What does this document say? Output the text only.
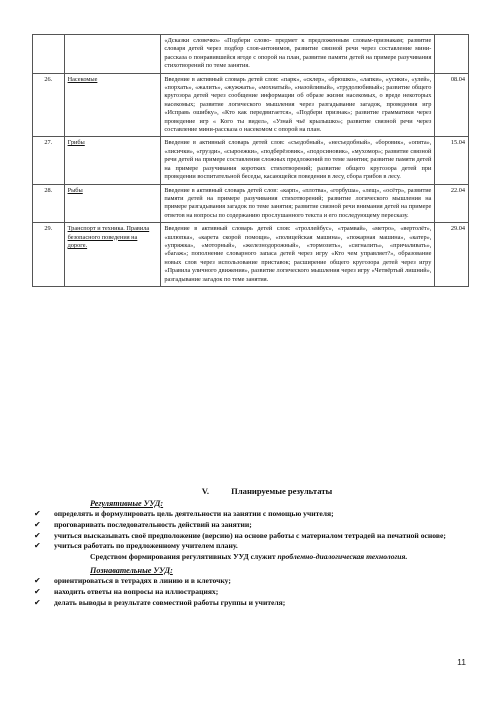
		«Дсказки словечко» «Подбери слово- предмет к предложенным словам-признакам; развитие словаря детей через подбор слов-антонимов, развитие связной речи через составление мини-рассказа о понравившейся ягоде с опорой на план, развитие памяти детей на примере разучивания стихотворений по теме занятия.	
26.	Насекомые	Введение в активный словарь детей слов: «парк», «склер», «брюшко», «лапки», «усики», «улей», «порхать», «жалить», «жужжать», «мохнатый», «назойливый», «трудолюбивый»; развитие общего кругозора детей через сообщение информации об образе жизни насекомых, о вреде некоторых насекомых; развитие логического мышления через разгадывание загадок, проведения игр «Исправь ошибку», «Кто как передвигается», «Подбери признак»; развитие грамматики через проведение игр « Кого ты видел», «Узнай чьё крылышко»; развитие связной речи через составление мини-рассказа о насекомом с опорой на план.	08.04
27.	Грибы	Введение в активный словарь детей слов: «съедобный», «несъедобный», «боровик», «опята», «лисички», «грузди», «сыроежки», «подберёзовик», «подосиновик», «мухомор»; развитие связной речи детей на примере составления сложных предложений по теме занятия; развитие памяти детей на примере разучивания коротких стихотворений; развитие общего кругозора детей при проведении воспитательной беседы, касающейся поведения в лесу, сбора грибов в лесу.	15.04
28.	Рыбы	Введение в активный словарь детей слов: «карп», «плотва», «горбуша», «лещ», «осётр», развитие памяти детей на примере разучивания стихотворений; развитие логического мышления на примере разгадывания загадок по теме занятия; развитие связной речи внимания детей на примере ответов на вопросы по содержанию прослушанного текста и его последующему пересказу.	22.04
29.	Транспорт и техника. Правила безопасного поведения на дороге.	Введение в активный словарь детей слов: «троллейбус», «трамвай», «метро», «вертолёт», «шлюпка», «карета скорой помощи», «полицейская машина», «пожарная машина», «катер», «упряжка», «моторный», «железнодорожный», «тормозить», «сигналить», «причаливать», «багаж»; пополнение словарного запаса детей через игру «Кто чем управляет?», образование новых слов через использование приставок; расширение общего кругозора детей через игру «Правила уличного движения», развитие логического мышления через игру «Четвёртый лишний», разгадывание загадок по теме занятия.	29.04
V.	Планируемые результаты
Регулятивные УУД:
✔ определять и формулировать цель деятельности на занятии с помощью учителя;
✔ проговаривать последовательность действий на занятии;
✔ учиться высказывать своё предположение (версию) на основе работы с материалом тетрадей на печатной основе;
✔ учиться работать по предложенному учителем плану.
Средством формирования регулятивных УУД служит проблемно-диалогическая технология.
Познавательные УУД:
✔ ориентироваться в тетрадях в линию и в клеточку;
✔ находить ответы на вопросы на иллюстрациях;
✔ делать выводы в результате совместной работы группы и учителя;
11
